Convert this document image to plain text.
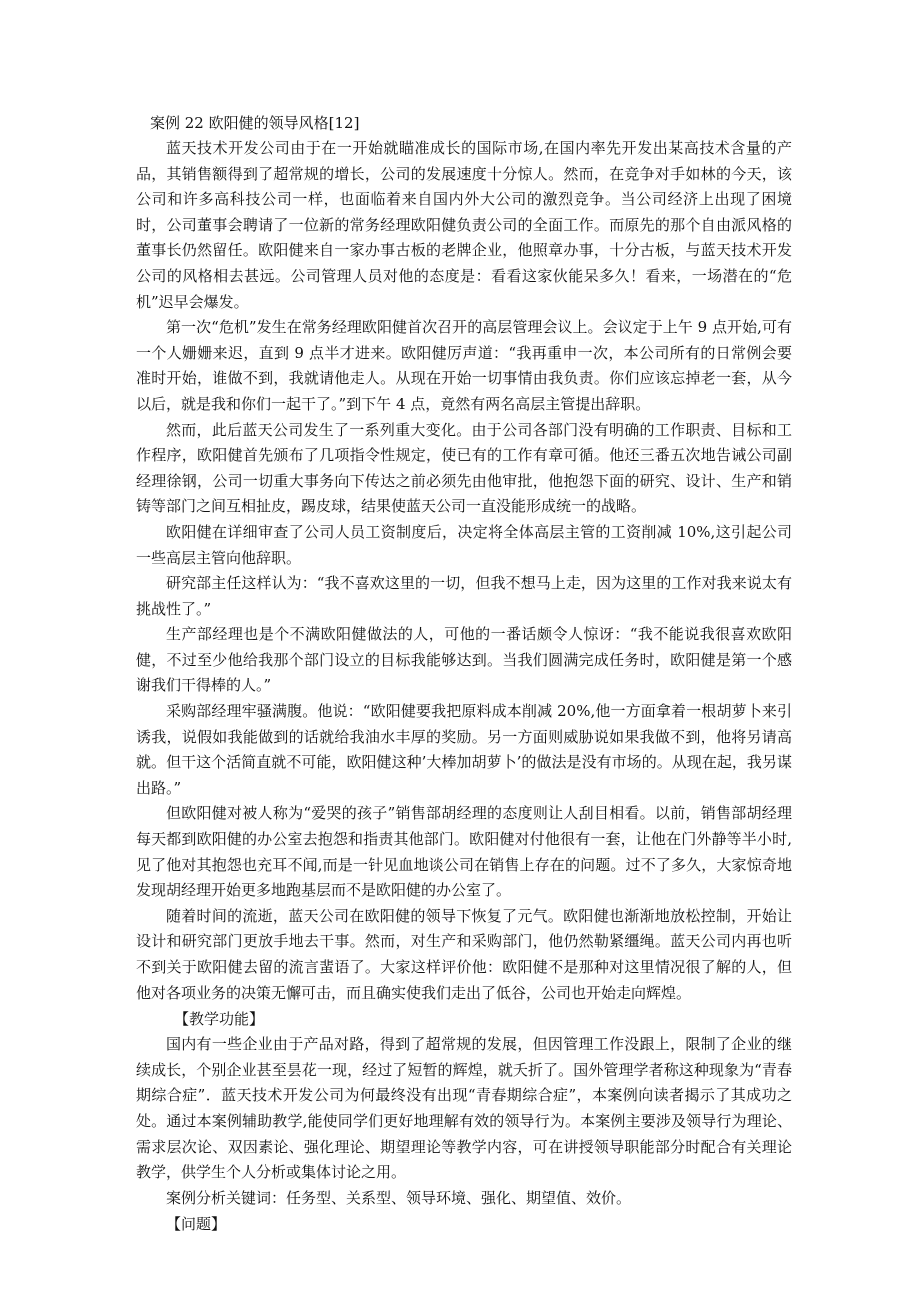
案例 22 欧阳健的领导风格[12]

蓝天技术开发公司由于在一开始就瞄准成长的国际市场,在国内率先开发出某高技术含量的产品，其销售额得到了超常规的增长，公司的发展速度十分惊人。然而，在竞争对手如林的今天，该公司和许多高科技公司一样，也面临着来自国内外大公司的激烈竞争。当公司经济上出现了困境时，公司董事会聘请了一位新的常务经理欧阳健负责公司的全面工作。而原先的那个自由派风格的董事长仍然留任。欧阳健来自一家办事古板的老牌企业，他照章办事，十分古板，与蓝天技术开发公司的风格相去甚远。公司管理人员对他的态度是：看看这家伙能呆多久！看来，一场潜在的“危机”迟早会爆发。

第一次“危机”发生在常务经理欧阳健首次召开的高层管理会议上。会议定于上午 9 点开始,可有一个人姗姗来迟，直到 9 点半才进来。欧阳健厉声道：“我再重申一次，本公司所有的日常例会要准时开始，谁做不到，我就请他走人。从现在开始一切事情由我负责。你们应该忘掉老一套，从今以后，就是我和你们一起干了。”到下午 4 点，竟然有两名高层主管提出辞职。

然而，此后蓝天公司发生了一系列重大变化。由于公司各部门没有明确的工作职责、目标和工作程序，欧阳健首先颁布了几项指令性规定，使已有的工作有章可循。他还三番五次地告诫公司副经理徐钢，公司一切重大事务向下传达之前必须先由他审批，他抱怨下面的研究、设计、生产和销铸等部门之间互相扯皮，踢皮球，结果使蓝天公司一直没能形成统一的战略。

欧阳健在详细审查了公司人员工资制度后，决定将全体高层主管的工资削减 10%,这引起公司一些高层主管向他辞职。

研究部主任这样认为：“我不喜欢这里的一切，但我不想马上走，因为这里的工作对我来说太有挑战性了。”

生产部经理也是个不满欧阳健做法的人，可他的一番话颇令人惊讶：“我不能说我很喜欢欧阳健，不过至少他给我那个部门设立的目标我能够达到。当我们圆满完成任务时，欧阳健是第一个感谢我们干得棒的人。”

采购部经理牢骚满腹。他说：“欧阳健要我把原料成本削减 20%,他一方面拿着一根胡萝卜来引诱我，说假如我能做到的话就给我油水丰厚的奖励。另一方面则威胁说如果我做不到，他将另请高就。但干这个活简直就不可能，欧阳健这种’大棒加胡萝卜’的做法是没有市场的。从现在起，我另谋出路。”

但欧阳健对被人称为“爱哭的孩子”销售部胡经理的态度则让人刮目相看。以前，销售部胡经理每天都到欧阳健的办公室去抱怨和指责其他部门。欧阳健对付他很有一套，让他在门外静等半小时,见了他对其抱怨也充耳不闻,而是一针见血地谈公司在销售上存在的问题。过不了多久，大家惊奇地发现胡经理开始更多地跑基层而不是欧阳健的办公室了。

随着时间的流逝，蓝天公司在欧阳健的领导下恢复了元气。欧阳健也渐渐地放松控制，开始让设计和研究部门更放手地去干事。然而，对生产和采购部门，他仍然勒紧缰绳。蓝天公司内再也听不到关于欧阳健去留的流言蜚语了。大家这样评价他：欧阳健不是那种对这里情况很了解的人，但他对各项业务的决策无懈可击，而且确实使我们走出了低谷，公司也开始走向辉煌。

【教学功能】

国内有一些企业由于产品对路，得到了超常规的发展，但因管理工作没跟上，限制了企业的继续成长，个别企业甚至昙花一现，经过了短暂的辉煌，就夭折了。国外管理学者称这种现象为“青春期综合症”．蓝天技术开发公司为何最终没有出现“青春期综合症”，本案例向读者揭示了其成功之处。通过本案例辅助教学,能使同学们更好地理解有效的领导行为。本案例主要涉及领导行为理论、需求层次论、双因素论、强化理论、期望理论等教学内容，可在讲授领导职能部分时配合有关理论教学，供学生个人分析或集体讨论之用。

案例分析关键词：任务型、关系型、领导环境、强化、期望值、效价。

【问题】
